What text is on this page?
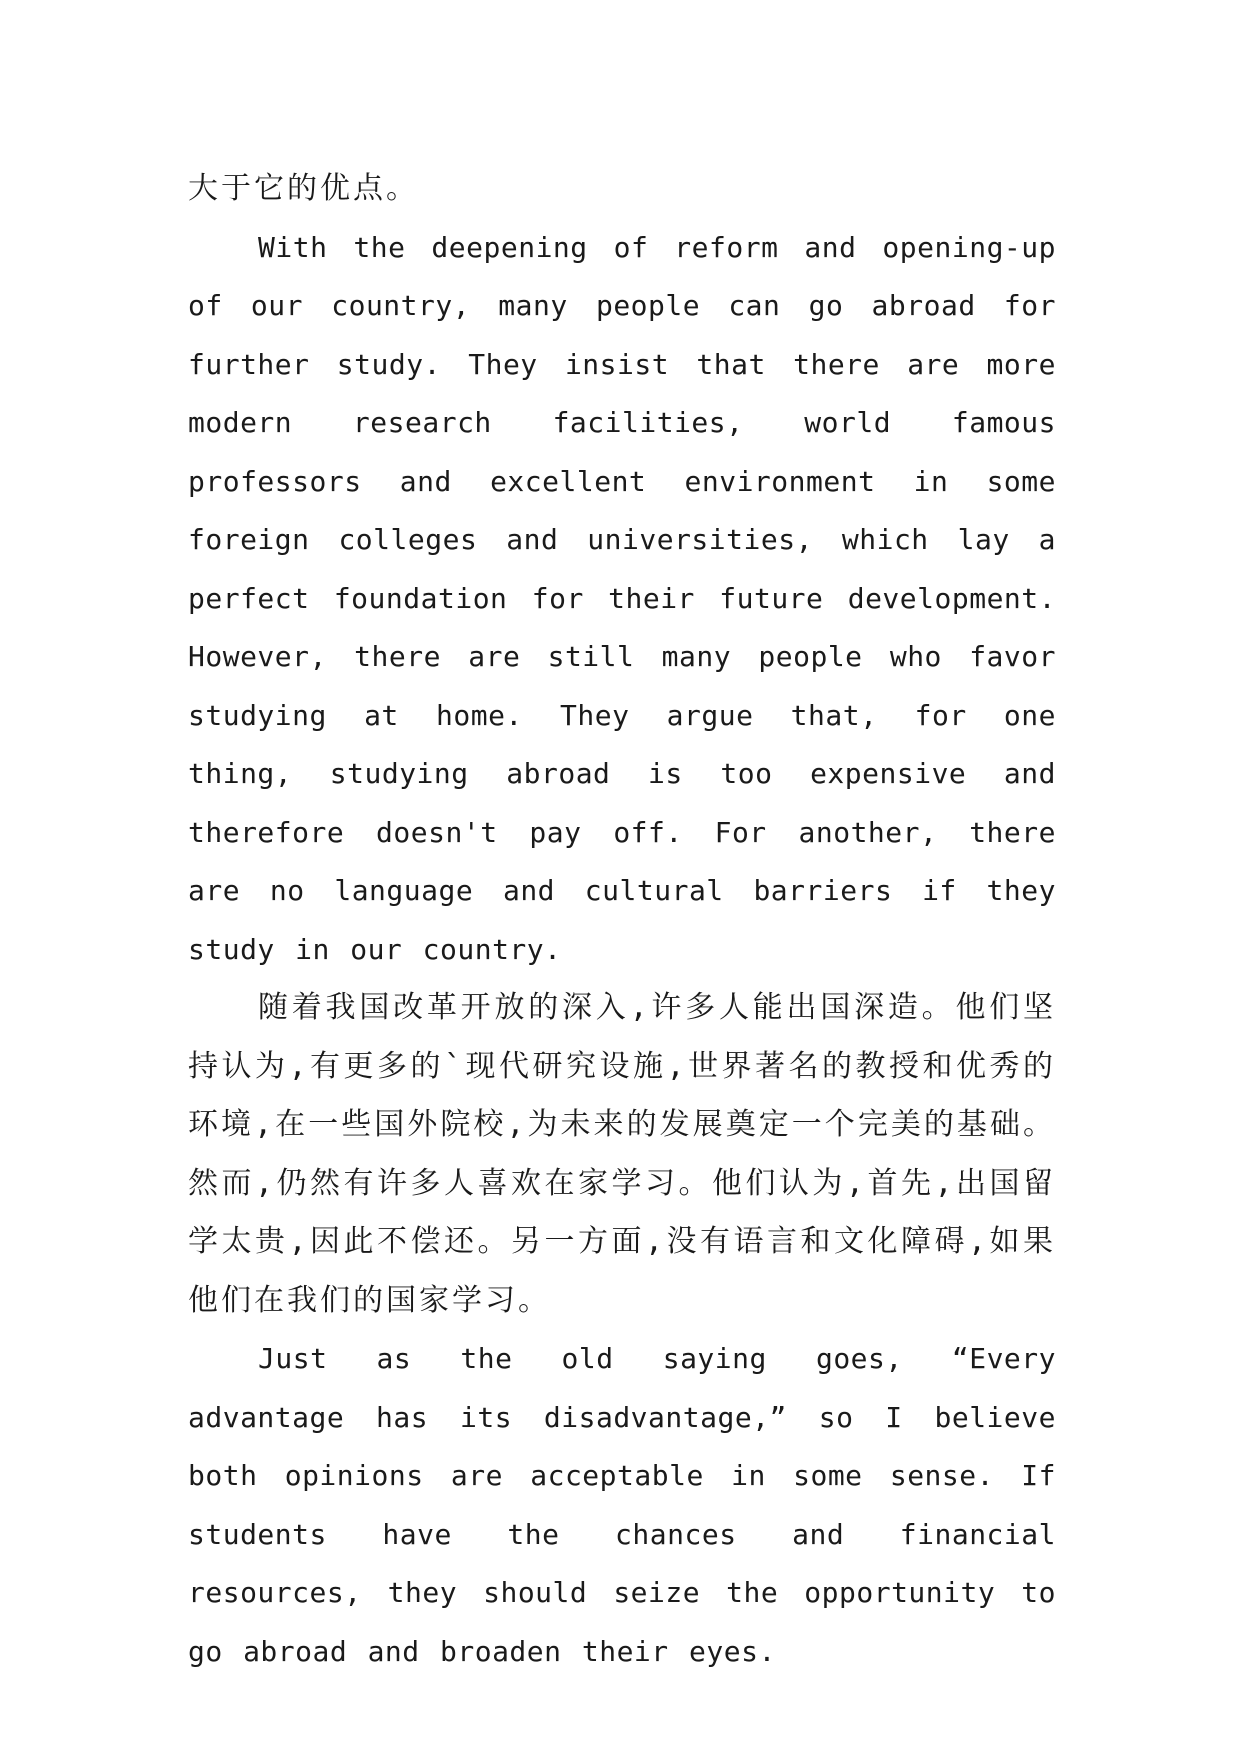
大于它的优点。

With the deepening of reform and opening-up of our country, many people can go abroad for further study. They insist that there are more modern research facilities, world famous professors and excellent environment in some foreign colleges and universities, which lay a perfect foundation for their future development. However, there are still many people who favor studying at home. They argue that, for one thing, studying abroad is too expensive and therefore doesn't pay off. For another, there are no language and cultural barriers if they study in our country.

随着我国改革开放的深入,许多人能出国深造。他们坚持认为,有更多的`现代研究设施,世界著名的教授和优秀的环境,在一些国外院校,为未来的发展奠定一个完美的基础。然而,仍然有许多人喜欢在家学习。他们认为,首先,出国留学太贵,因此不偿还。另一方面,没有语言和文化障碍,如果他们在我们的国家学习。

Just as the old saying goes, “Every advantage has its disadvantage,” so I believe both opinions are acceptable in some sense. If students have the chances and financial resources, they should seize the opportunity to go abroad and broaden their eyes.
